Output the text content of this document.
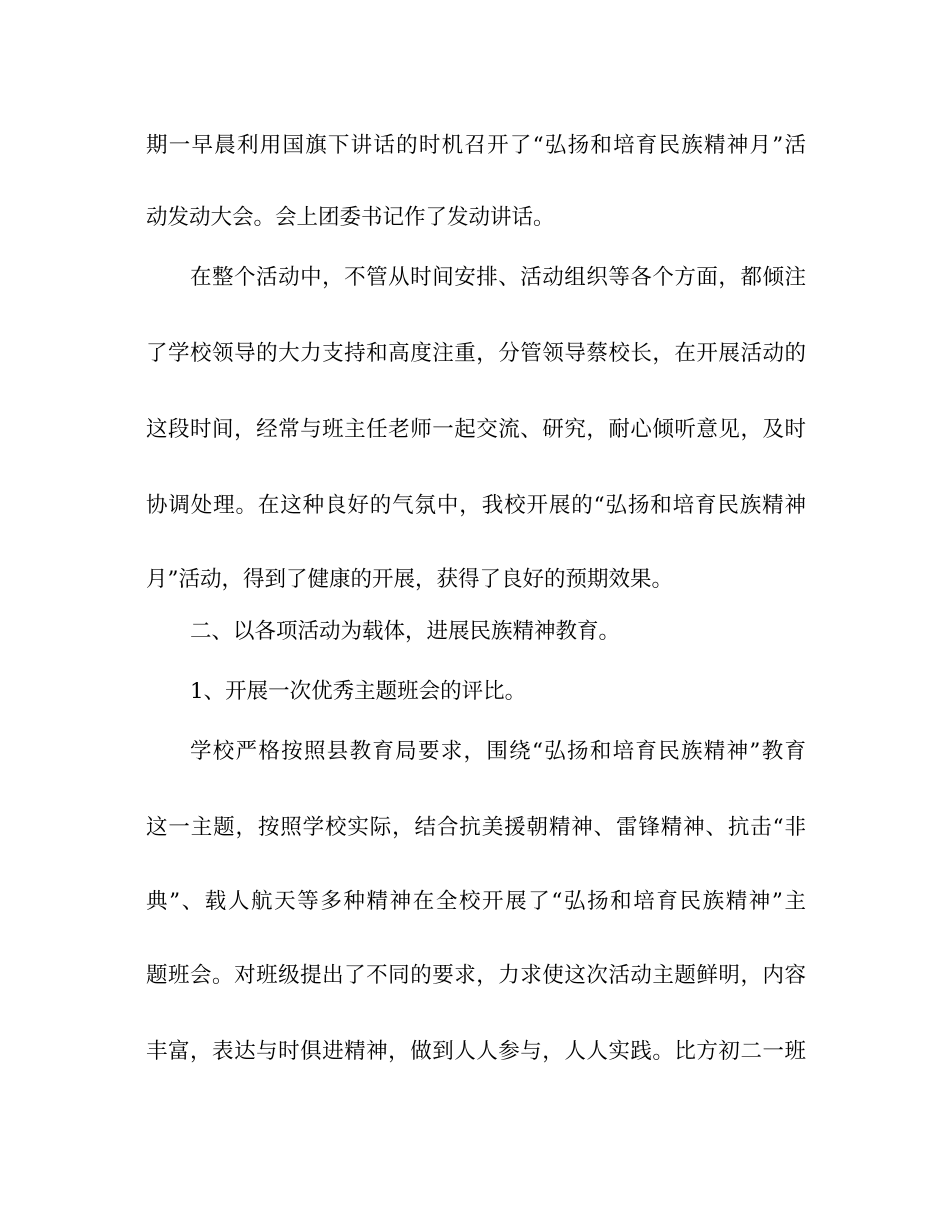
期一早晨利用国旗下讲话的时机召开了“弘扬和培育民族精神月”活
动发动大会。会上团委书记作了发动讲话。
在整个活动中，不管从时间安排、活动组织等各个方面，都倾注
了学校领导的大力支持和高度注重，分管领导蔡校长，在开展活动的
这段时间，经常与班主任老师一起交流、研究，耐心倾听意见，及时
协调处理。在这种良好的气氛中，我校开展的“弘扬和培育民族精神
月”活动，得到了健康的开展，获得了良好的预期效果。
二、以各项活动为载体，进展民族精神教育。
1、开展一次优秀主题班会的评比。
学校严格按照县教育局要求，围绕“弘扬和培育民族精神”教育
这一主题，按照学校实际，结合抗美援朝精神、雷锋精神、抗击“非
典”、载人航天等多种精神在全校开展了“弘扬和培育民族精神”主
题班会。对班级提出了不同的要求，力求使这次活动主题鲜明，内容
丰富，表达与时俱进精神，做到人人参与，人人实践。比方初二一班
